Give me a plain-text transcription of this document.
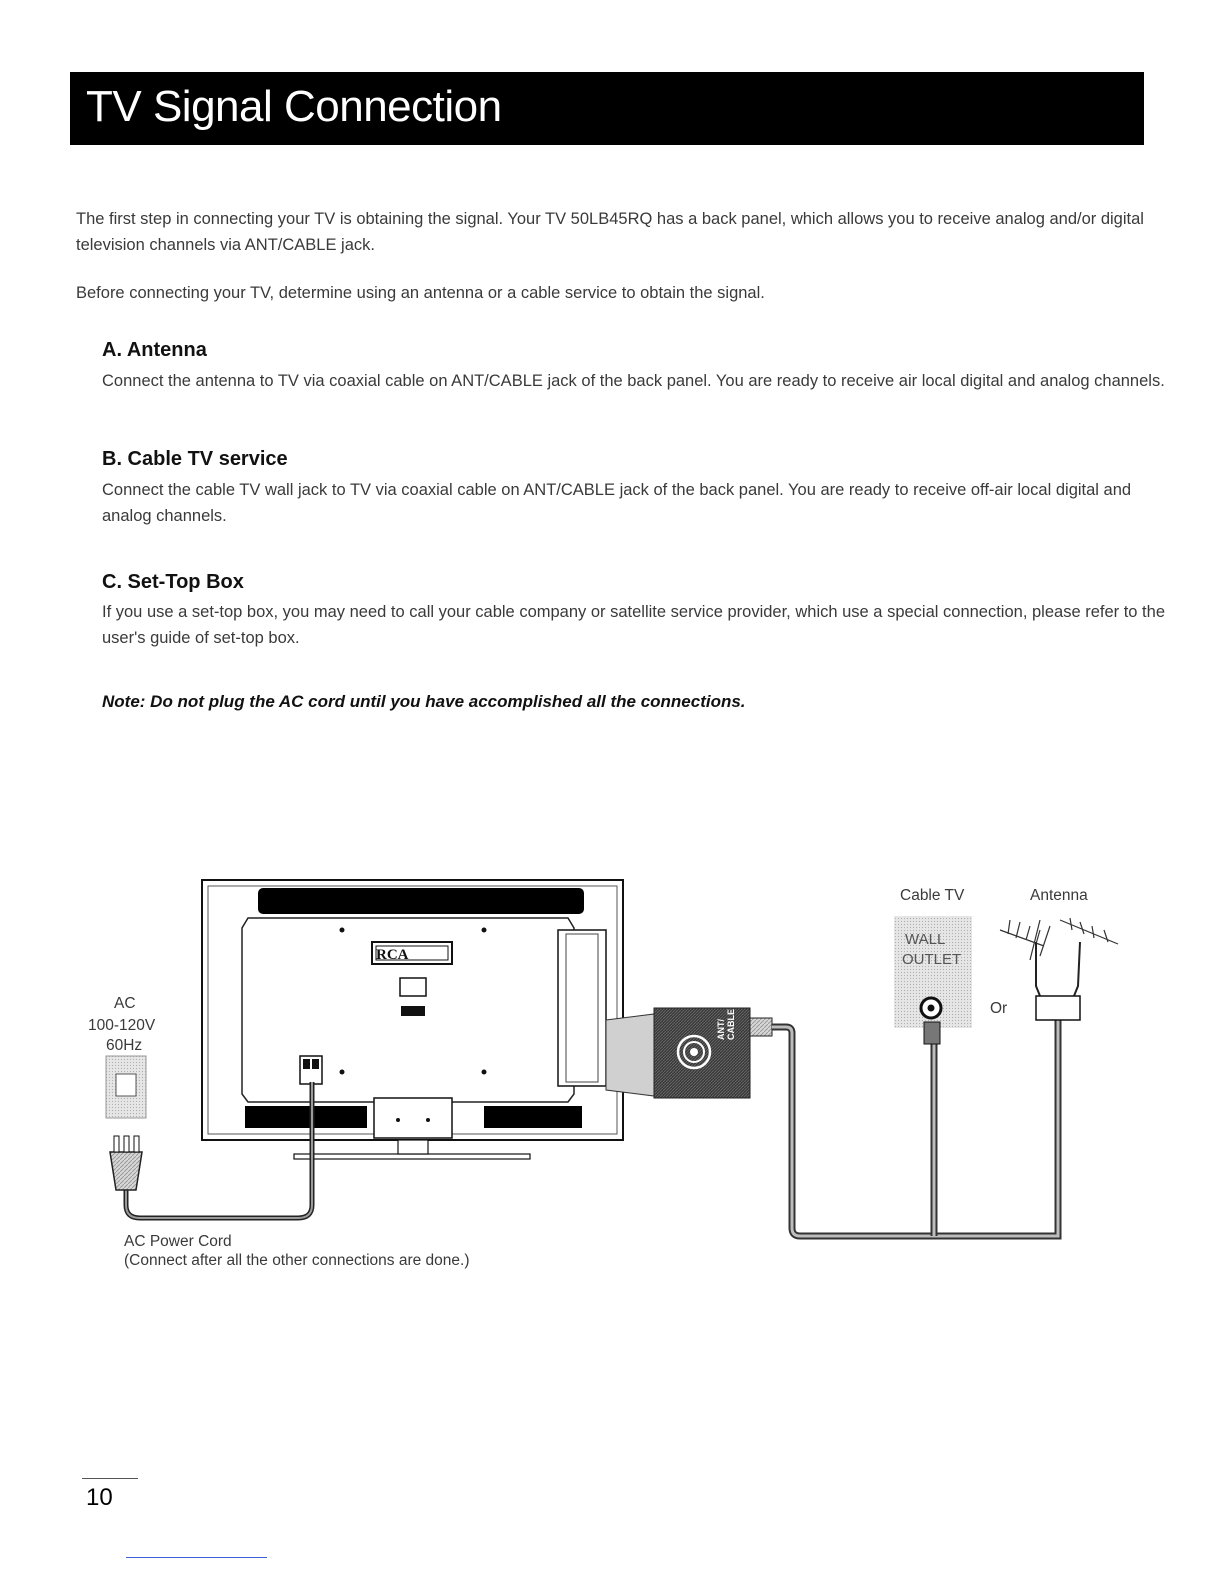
TV Signal Connection

The first step in connecting your TV is obtaining the signal. Your TV 50LB45RQ has a back panel, which allows you to receive analog and/or digital television channels via ANT/CABLE jack.

Before connecting your TV, determine using an antenna or a cable service to obtain the signal.

A. Antenna

Connect the antenna to TV via coaxial cable on ANT/CABLE jack of the back panel. You are ready to receive air local digital and analog channels.

B. Cable TV service

Connect the cable TV wall jack to TV via coaxial cable on ANT/CABLE jack of the back panel. You are ready to receive off-air local digital and analog channels.

C. Set-Top Box

If you use a set-top box, you may need to call your cable company or satellite service provider, which use a special connection, please refer to the user's guide of set-top box.

Note: Do not plug the AC cord until you have accomplished all the connections.

ANT/ CABLE
Cable TV	Antenna
WALL
OUTLET
Or
RCA
AC
100-120V
60Hz
AC Power Cord
(Connect after all the other connections are done.)
10
